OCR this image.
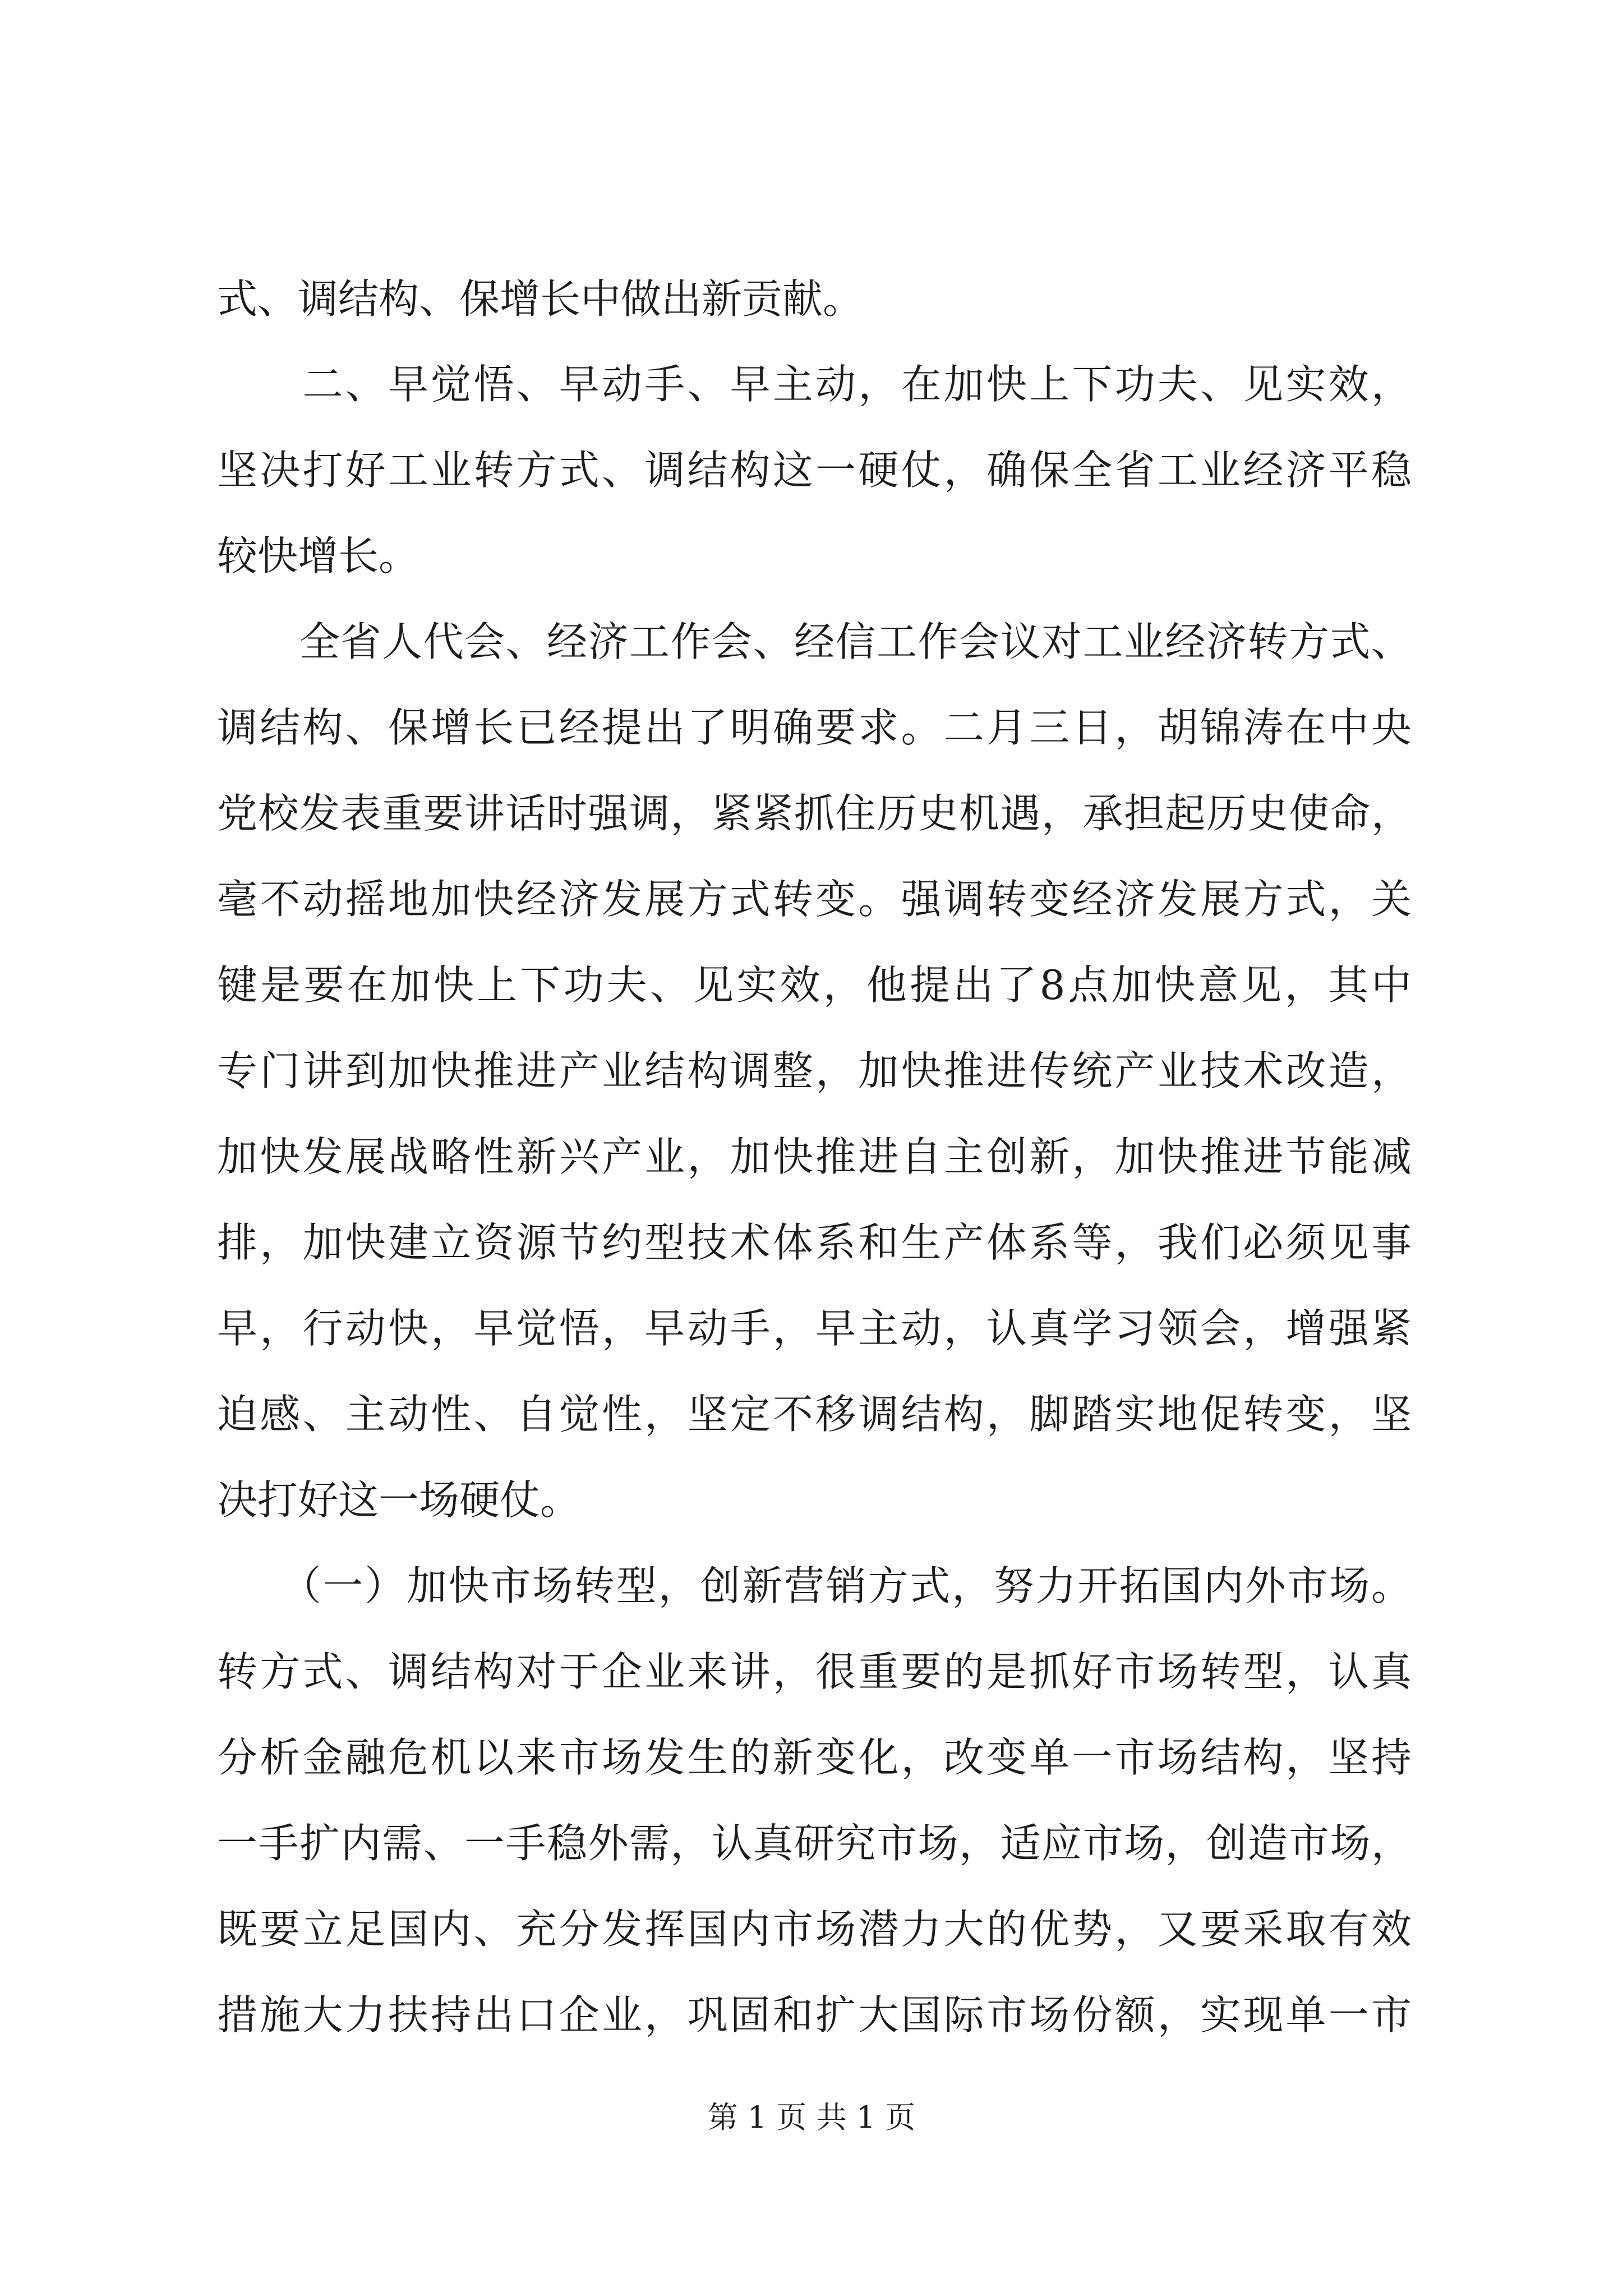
式、调结构、保增长中做出新贡献。
　　二、早觉悟、早动手、早主动，在加快上下功夫、见实效，
坚决打好工业转方式、调结构这一硬仗，确保全省工业经济平稳
较快增长。
　　全省人代会、经济工作会、经信工作会议对工业经济转方式、
调结构、保增长已经提出了明确要求。二月三日，胡锦涛在中央
党校发表重要讲话时强调，紧紧抓住历史机遇，承担起历史使命，
毫不动摇地加快经济发展方式转变。强调转变经济发展方式，关
键是要在加快上下功夫、见实效，他提出了8点加快意见，其中
专门讲到加快推进产业结构调整，加快推进传统产业技术改造，
加快发展战略性新兴产业，加快推进自主创新，加快推进节能减
排，加快建立资源节约型技术体系和生产体系等，我们必须见事
早，行动快，早觉悟，早动手，早主动，认真学习领会，增强紧
迫感、主动性、自觉性，坚定不移调结构，脚踏实地促转变，坚
决打好这一场硬仗。
　　（一）加快市场转型，创新营销方式，努力开拓国内外市场。
转方式、调结构对于企业来讲，很重要的是抓好市场转型，认真
分析金融危机以来市场发生的新变化，改变单一市场结构，坚持
一手扩内需、一手稳外需，认真研究市场，适应市场，创造市场，
既要立足国内、充分发挥国内市场潜力大的优势，又要采取有效
措施大力扶持出口企业，巩固和扩大国际市场份额，实现单一市
第 1 页 共 1 页
